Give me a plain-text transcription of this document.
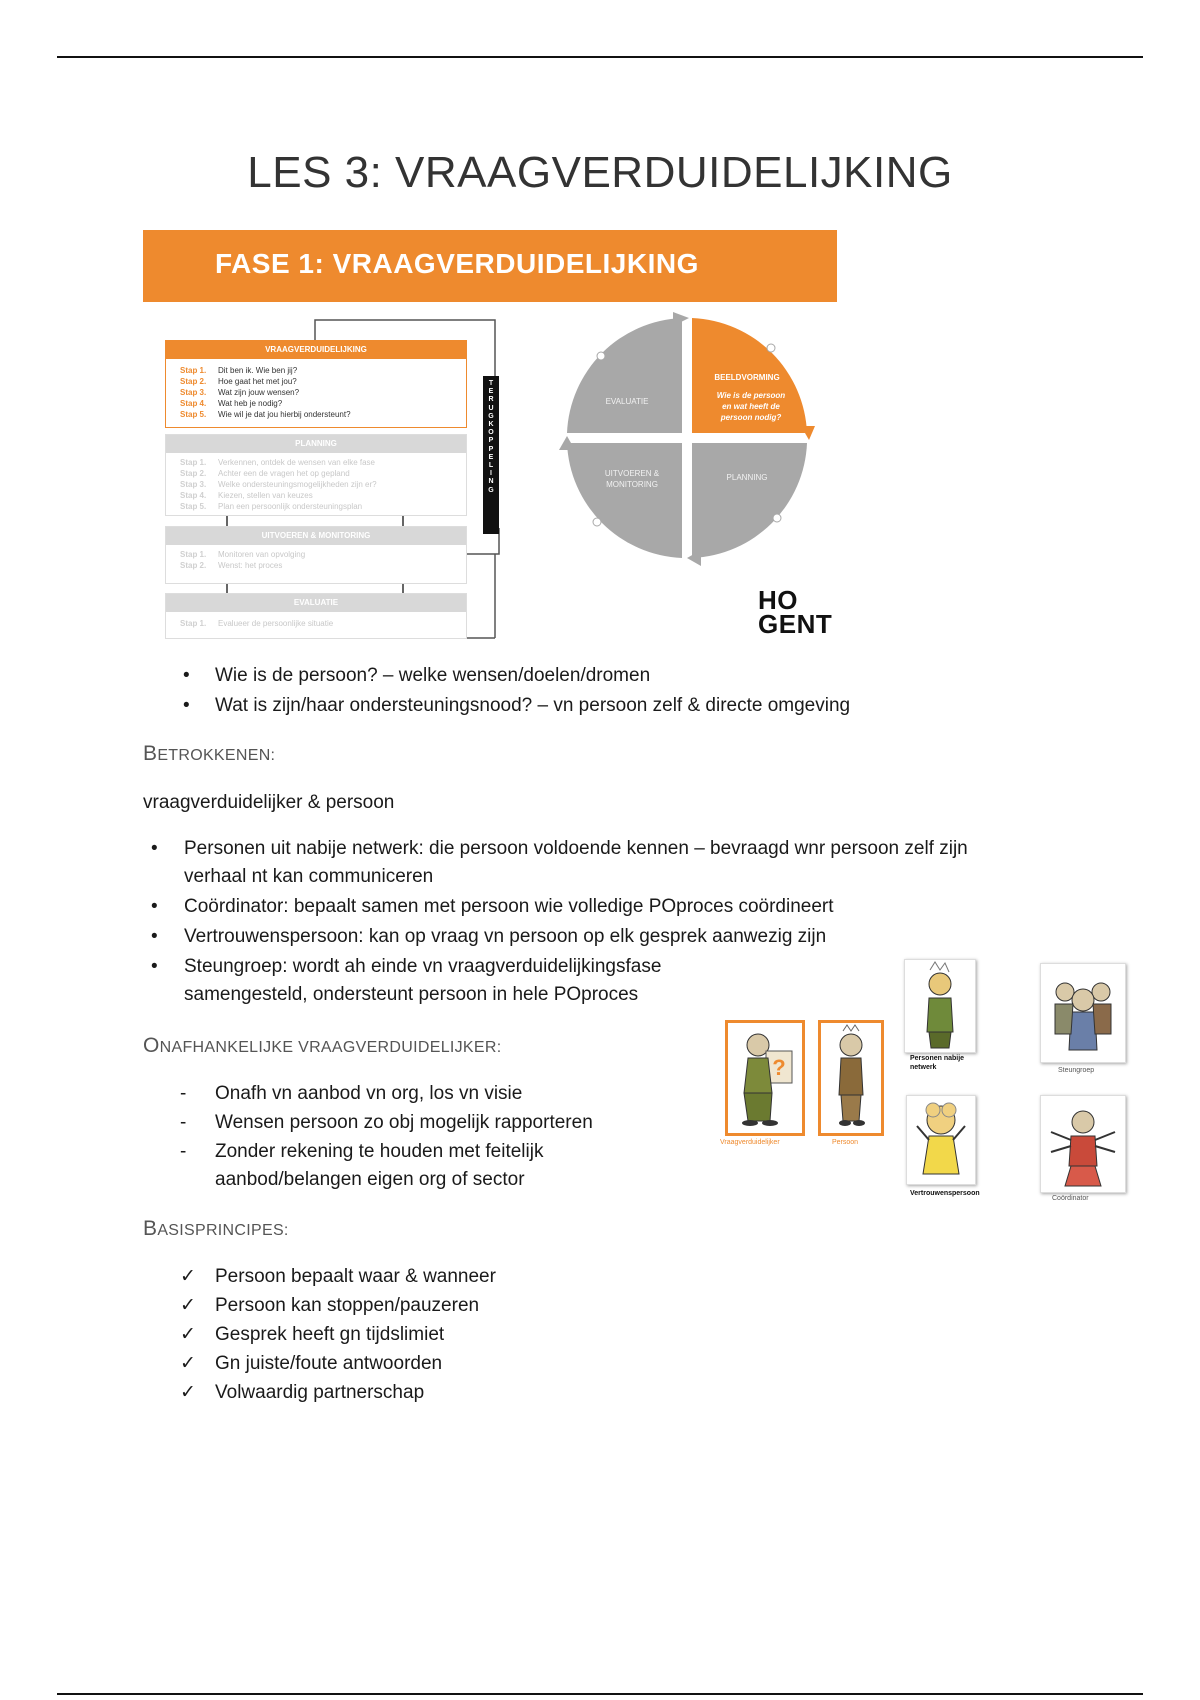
LES 3: VRAAGVERDUIDELIJKING
FASE 1: VRAAGVERDUIDELIJKING
VRAAGVERDUIDELIJKING
Stap 1. Dit ben ik. Wie ben jij?
Stap 2. Hoe gaat het met jou?
Stap 3. Wat zijn jouw wensen?
Stap 4. Wat heb je nodig?
Stap 5. Wie wil je dat jou hierbij ondersteunt?
PLANNING
Stap 1. Verkennen, ontdek de wensen van elke fase
Stap 2. Achter een de vragen het op gepland
Stap 3. Welke ondersteuningsmogelijkheden zijn er?
Stap 4. Kiezen, stellen van keuzes
Stap 5. Plan een persoonlijk ondersteuningsplan
UITVOEREN & MONITORING
Stap 1. Monitoren van opvolging
Stap 2. Wenst: het proces
EVALUATIE
Stap 1. Evalueer de persoonlijke situatie
T
E
R
U
G
K
O
P
P
E
L
I
N
G
EVALUATIE
BEELDVORMING
Wie is de persoon
en wat heeft de
persoon nodig?
UITVOEREN &
MONITORING
PLANNING
HO
GENT
• Wie is de persoon? – welke wensen/doelen/dromen
• Wat is zijn/haar ondersteuningsnood? – vn persoon zelf & directe omgeving
BETROKKENEN:
vraagverduidelijker & persoon
• Personen uit nabije netwerk: die persoon voldoende kennen – bevraagd wnr persoon zelf zijn
verhaal nt kan communiceren
• Coördinator: bepaalt samen met persoon wie volledige POproces coördineert
• Vertrouwenspersoon: kan op vraag vn persoon op elk gesprek aanwezig zijn
• Steungroep: wordt ah einde vn vraagverduidelijkingsfase
samengesteld, ondersteunt persoon in hele POproces
ONAFHANKELIJKE VRAAGVERDUIDELIJKER:
- Onafh vn aanbod vn org, los vn visie
- Wensen persoon zo obj mogelijk rapporteren
- Zonder rekening te houden met feitelijk
aanbod/belangen eigen org of sector
?
Vraagverduidelijker	Persoon
Personen nabije
netwerk
Vertrouwenspersoon
Steungroep
Coördinator
BASISPRINCIPES:
✓ Persoon bepaalt waar & wanneer
✓ Persoon kan stoppen/pauzeren
✓ Gesprek heeft gn tijdslimiet
✓ Gn juiste/foute antwoorden
✓ Volwaardig partnerschap
